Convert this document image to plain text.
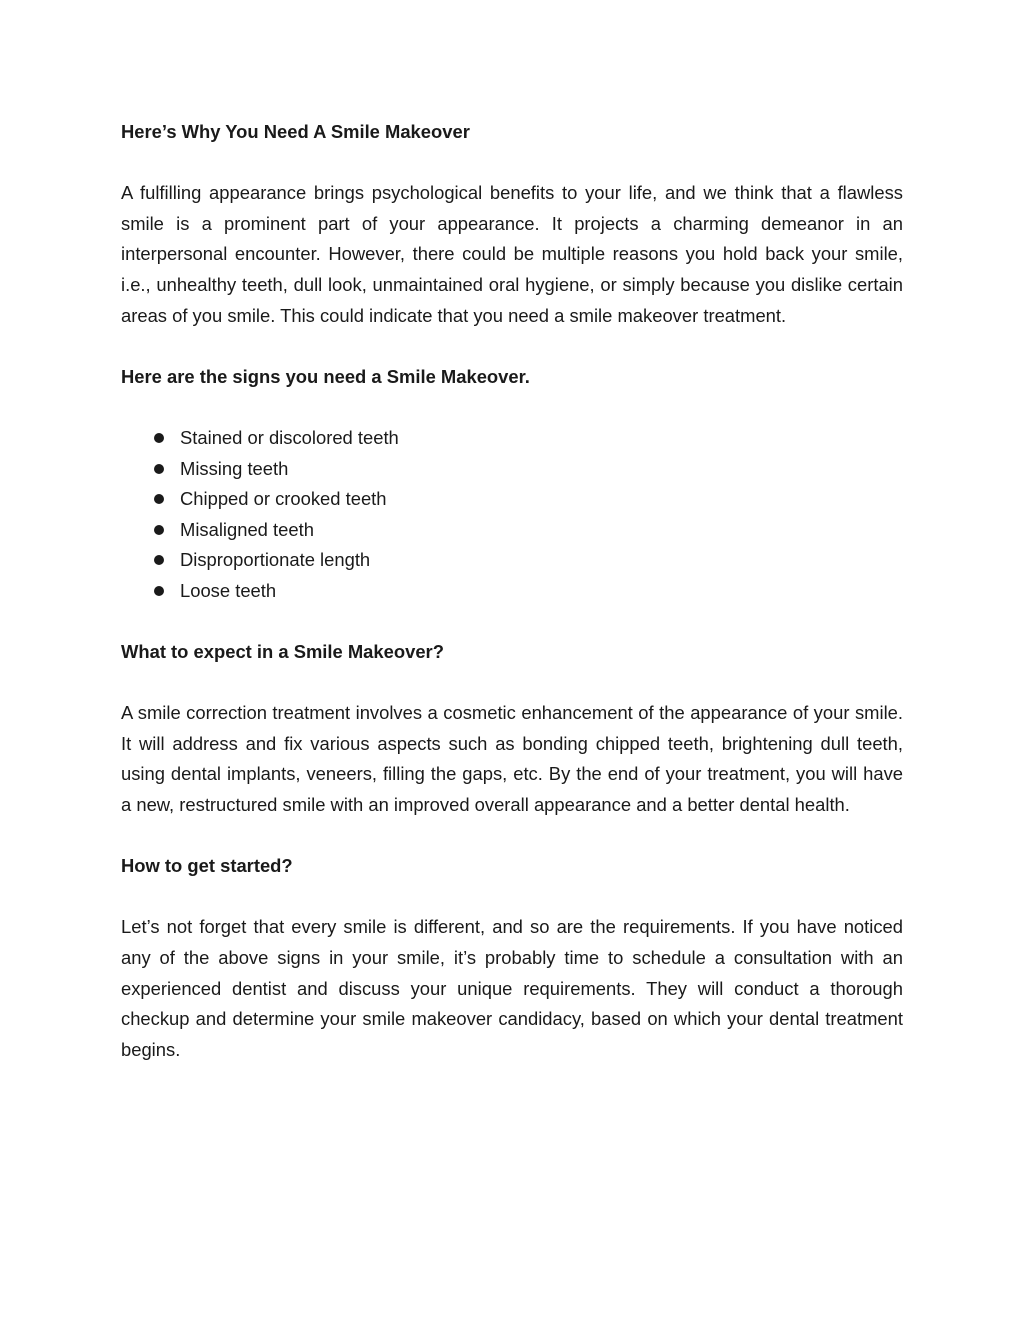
Here’s Why You Need A Smile Makeover

A fulfilling appearance brings psychological benefits to your life, and we think that a flawless smile is a prominent part of your appearance. It projects a charming demeanor in an interpersonal encounter. However, there could be multiple reasons you hold back your smile, i.e., unhealthy teeth, dull look, unmaintained oral hygiene, or simply because you dislike certain areas of you smile. This could indicate that you need a smile makeover treatment.

Here are the signs you need a Smile Makeover.
Stained or discolored teeth
Missing teeth
Chipped or crooked teeth
Misaligned teeth
Disproportionate length
Loose teeth
What to expect in a Smile Makeover?

A smile correction treatment involves a cosmetic enhancement of the appearance of your smile. It will address and fix various aspects such as bonding chipped teeth, brightening dull teeth, using dental implants, veneers, filling the gaps, etc. By the end of your treatment, you will have a new, restructured smile with an improved overall appearance and a better dental health.

How to get started?

Let’s not forget that every smile is different, and so are the requirements. If you have noticed any of the above signs in your smile, it’s probably time to schedule a consultation with an experienced dentist and discuss your unique requirements. They will conduct a thorough checkup and determine your smile makeover candidacy, based on which your dental treatment begins.
